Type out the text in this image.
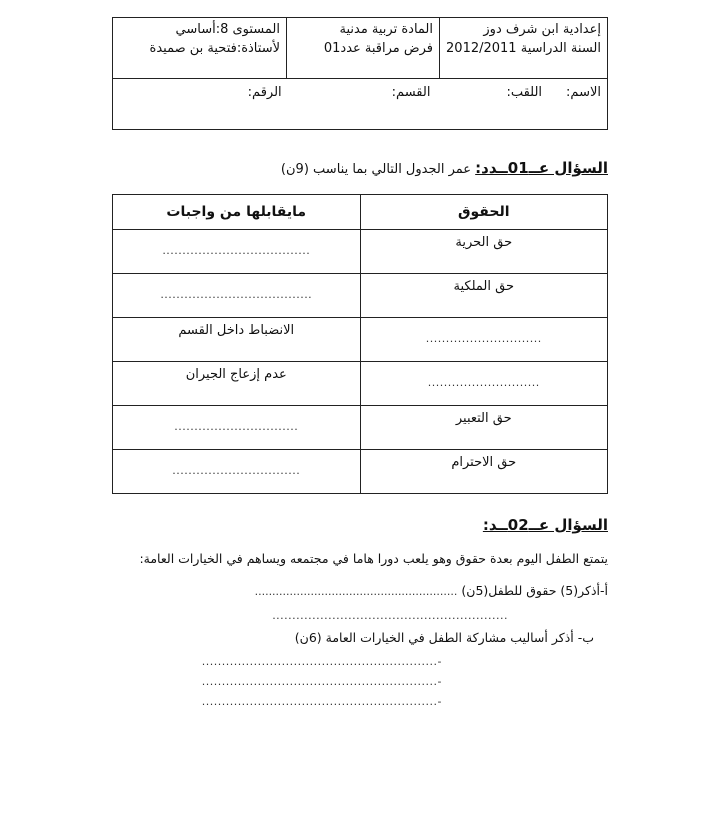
إعدادية ابن شرف دوز
السنة الدراسية 2012/2011

المادة تربية مدنية
فرض مراقبة عدد01

المستوى 8:أساسي
لأستاذة:فتحية بن صميدة

الاسم:
اللقب:
القسم:
الرقم:
السؤال عــ01ــدد: عمر الجدول التالي بما يناسب (9ن)
الحقوق	مايقابلها من واجبات
حق الحرية	.....................................
حق الملكية	......................................
.............................	الانضباط داخل القسم
............................	عدم إزعاج الجيران
حق التعبير	...............................
حق الاحترام	................................
السؤال عــ02ــد:
يتمتع الطفل اليوم بعدة حقوق وهو يلعب دورا هاما في مجتمعه ويساهم في الخيارات العامة:
أ-أذكر(5) حقوق للطفل(5ن) ..........................................................
...........................................................
ب- أذكر أساليب مشاركة الطفل في الخيارات العامة (6ن)
-...........................................................
-...........................................................
-...........................................................
